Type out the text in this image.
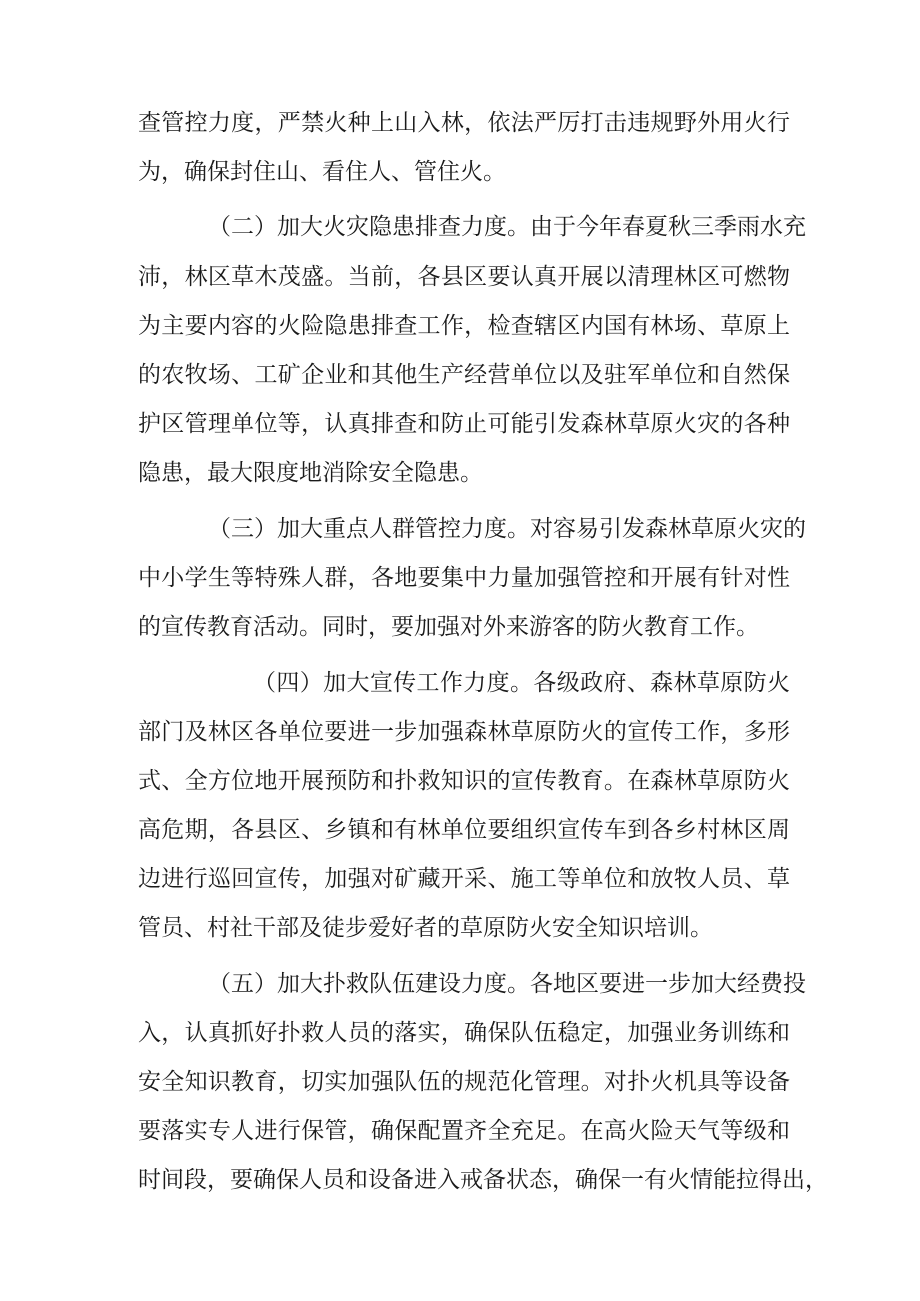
查管控力度，严禁火种上山入林，依法严厉打击违规野外用火行
为，确保封住山、看住人、管住火。
（二）加大火灾隐患排查力度。由于今年春夏秋三季雨水充
沛，林区草木茂盛。当前，各县区要认真开展以清理林区可燃物
为主要内容的火险隐患排查工作，检查辖区内国有林场、草原上
的农牧场、工矿企业和其他生产经营单位以及驻军单位和自然保
护区管理单位等，认真排查和防止可能引发森林草原火灾的各种
隐患，最大限度地消除安全隐患。
（三）加大重点人群管控力度。对容易引发森林草原火灾的
中小学生等特殊人群，各地要集中力量加强管控和开展有针对性
的宣传教育活动。同时，要加强对外来游客的防火教育工作。
（四）加大宣传工作力度。各级政府、森林草原防火
部门及林区各单位要进一步加强森林草原防火的宣传工作，多形
式、全方位地开展预防和扑救知识的宣传教育。在森林草原防火
高危期，各县区、乡镇和有林单位要组织宣传车到各乡村林区周
边进行巡回宣传，加强对矿藏开采、施工等单位和放牧人员、草
管员、村社干部及徒步爱好者的草原防火安全知识培训。
（五）加大扑救队伍建设力度。各地区要进一步加大经费投
入，认真抓好扑救人员的落实，确保队伍稳定，加强业务训练和
安全知识教育，切实加强队伍的规范化管理。对扑火机具等设备
要落实专人进行保管，确保配置齐全充足。在高火险天气等级和
时间段，要确保人员和设备进入戒备状态，确保一有火情能拉得出，
